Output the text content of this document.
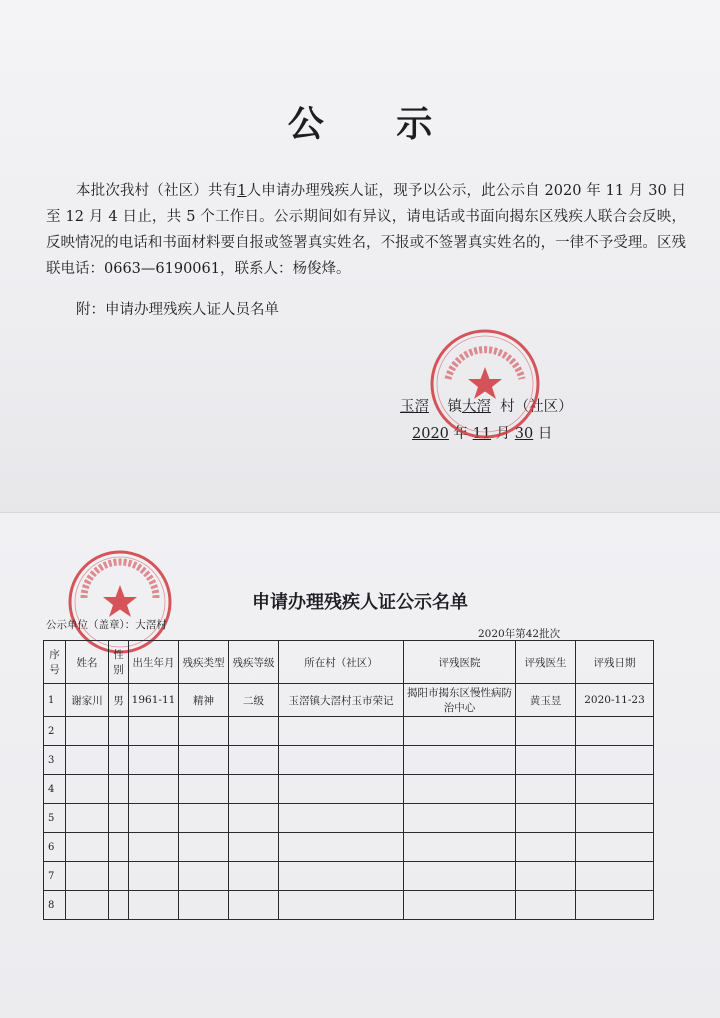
公 示
本批次我村（社区）共有1人申请办理残疾人证，现予以公示，此公示自 2020 年 11 月 30 日至 12 月 4 日止，共 5 个工作日。公示期间如有异议，请电话或书面向揭东区残疾人联合会反映，反映情况的电话和书面材料要自报或签署真实姓名，不报或不签署真实姓名的，一律不予受理。区残联电话：0663—6190061，联系人：杨俊烽。
附：申请办理残疾人证人员名单
玉滘 镇大滘 村（社区）
2020 年 11 月 30 日
申请办理残疾人证公示名单
公示单位（盖章）：大滘村
2020年第42批次
序号	姓名	性别	出生年月	残疾类型	残疾等级	所在村（社区）	评残医院	评残医生	评残日期
1	谢家川	男	1961-11	精神	二级	玉滘镇大滘村玉市荣记	揭阳市揭东区慢性病防治中心	黄玉昱	2020-11-23
2									
3									
4									
5									
6									
7									
8									
